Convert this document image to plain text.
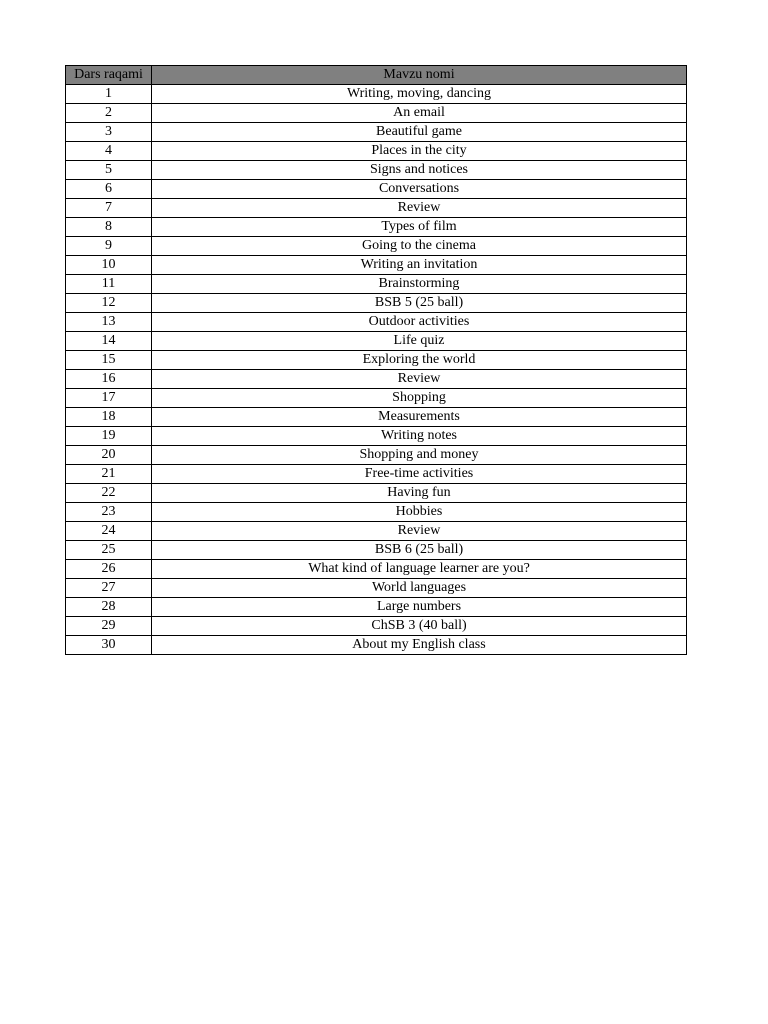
Dars raqami	Mavzu nomi
1	Writing, moving, dancing
2	An email
3	Beautiful game
4	Places in the city
5	Signs and notices
6	Conversations
7	Review
8	Types of film
9	Going to the cinema
10	Writing an invitation
11	Brainstorming
12	BSB 5 (25 ball)
13	Outdoor activities
14	Life quiz
15	Exploring the world
16	Review
17	Shopping
18	Measurements
19	Writing notes
20	Shopping and money
21	Free-time activities
22	Having fun
23	Hobbies
24	Review
25	BSB 6 (25 ball)
26	What kind of language learner are you?
27	World languages
28	Large numbers
29	ChSB 3 (40 ball)
30	About my English class
